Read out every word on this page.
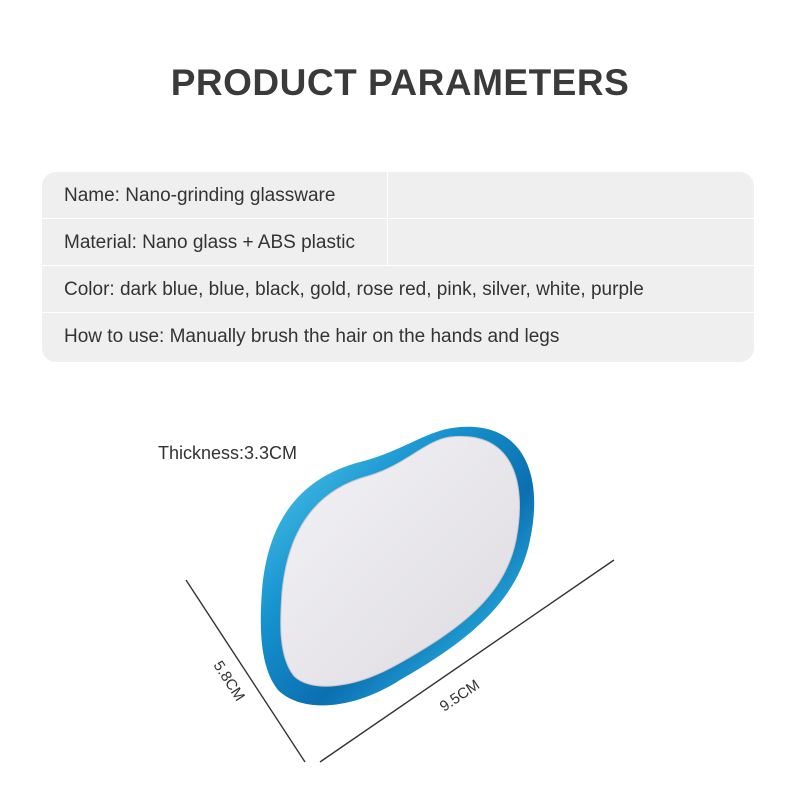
PRODUCT PARAMETERS
Name: Nano-grinding glassware
Material: Nano glass + ABS plastic
Color: dark blue, blue, black, gold, rose red, pink, silver, white, purple
How to use: Manually brush the hair on the hands and legs
Thickness:3.3CM
5.8CM	9.5CM
